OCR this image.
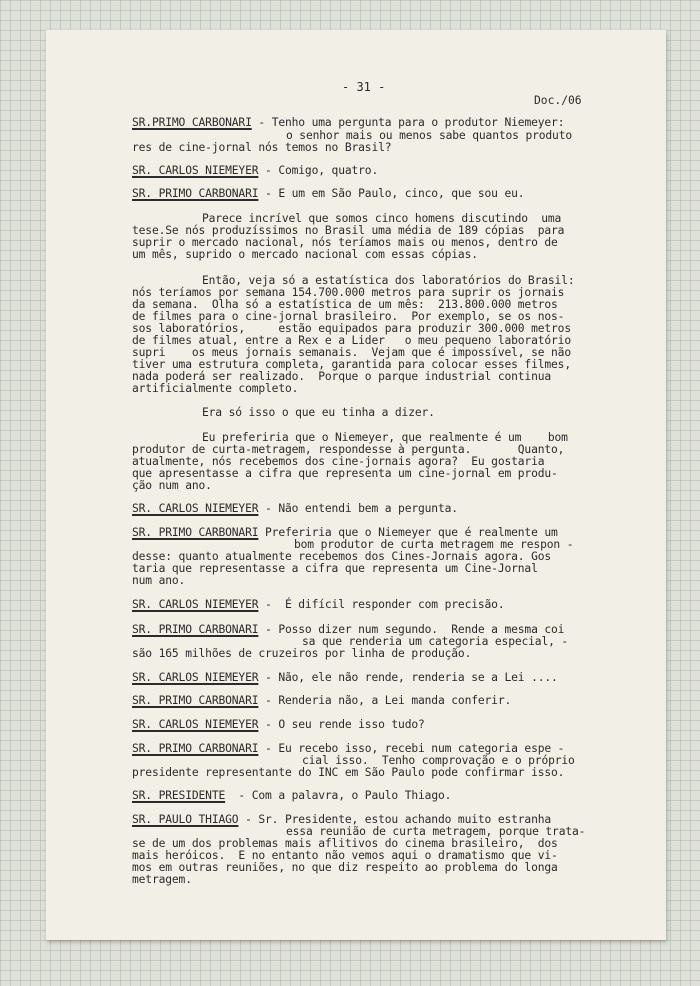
- 31 -
Doc./06
SR.PRIMO CARBONARI - Tenho uma pergunta para o produtor Niemeyer:
o senhor mais ou menos sabe quantos produto
res de cine-jornal nós temos no Brasil?
SR. CARLOS NIEMEYER - Comigo, quatro.
SR. PRIMO CARBONARI - E um em São Paulo, cinco, que sou eu.
Parece incrível que somos cinco homens discutindo  uma
tese.Se nós produzíssimos no Brasil uma média de 189 cópias  para
suprir o mercado nacional, nós teríamos mais ou menos, dentro de
um mês, suprido o mercado nacional com essas cópias.
Então, veja só a estatística dos laboratórios do Brasil:
nós teríamos por semana 154.700.000 metros para suprir os jornais
da semana.  Olha só a estatística de um mês:  213.800.000 metros
de filmes para o cine-jornal brasileiro.  Por exemplo, se os nos-
sos laboratórios,     estão equipados para produzir 300.000 metros
de filmes atual, entre a Rex e a Lider   o meu pequeno laboratório
supri    os meus jornais semanais.  Vejam que é impossível, se não
tiver uma estrutura completa, garantida para colocar esses filmes,
nada poderá ser realizado.  Porque o parque industrial continua
artificialmente completo.
Era só isso o que eu tinha a dizer.
Eu preferiria que o Niemeyer, que realmente é um    bom
produtor de curta-metragem, respondesse à pergunta.       Quanto,
atualmente, nós recebemos dos cine-jornais agora?  Eu gostaria
que apresentasse a cifra que representa um cine-jornal em produ-
ção num ano.
SR. CARLOS NIEMEYER - Não entendi bem a pergunta.
SR. PRIMO CARBONARI Preferiria que o Niemeyer que é realmente um
bom produtor de curta metragem me respon -
desse: quanto atualmente recebemos dos Cines-Jornais agora. Gos
taria que representasse a cifra que representa um Cine-Jornal
num ano.
SR. CARLOS NIEMEYER -  É difícil responder com precisão.
SR. PRIMO CARBONARI - Posso dizer num segundo.  Rende a mesma coi
sa que renderia um categoria especial, -
são 165 milhões de cruzeiros por linha de produção.
SR. CARLOS NIEMEYER - Não, ele não rende, renderia se a Lei ....
SR. PRIMO CARBONARI - Renderia não, a Lei manda conferir.
SR. CARLOS NIEMEYER - O seu rende isso tudo?
SR. PRIMO CARBONARI - Eu recebo isso, recebi num categoria espe -
cial isso.  Tenho comprovação e o próprio
presidente representante do INC em São Paulo pode confirmar isso.
SR. PRESIDENTE  - Com a palavra, o Paulo Thiago.
SR. PAULO THIAGO - Sr. Presidente, estou achando muito estranha
essa reunião de curta metragem, porque trata-
se de um dos problemas mais aflitivos do cinema brasileiro,  dos
mais heróicos.  E no entanto não vemos aqui o dramatismo que vi-
mos em outras reuniões, no que diz respeito ao problema do longa
metragem.
